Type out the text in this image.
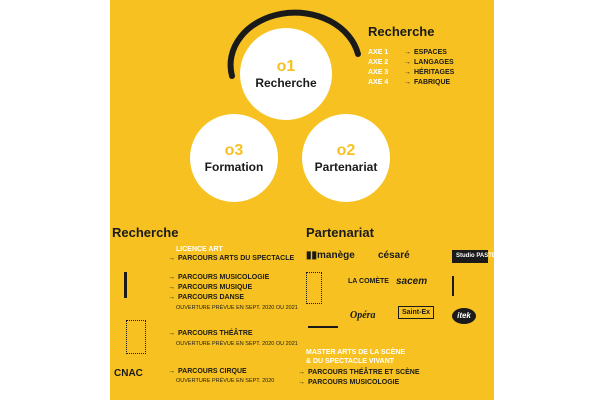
o1
Recherche
o2
Partenariat
o3
Formation
Recherche
AXE 1	→ ESPACES
AXE 2	→ LANGAGES
AXE 3	→ HÉRITAGES
AXE 4	→ FABRIQUE
Recherche
LICENCE ART
→ PARCOURS ARTS DU SPECTACLE
→ PARCOURS MUSICOLOGIE
→ PARCOURS MUSIQUE
→ PARCOURS DANSE
OUVERTURE PRÉVUE EN SEPT. 2020 OU 2021
→ PARCOURS THÉÂTRE
OUVERTURE PRÉVUE EN SEPT. 2020 OU 2021
CNAC	→ PARCOURS CIRQUE
OUVERTURE PRÉVUE EN SEPT. 2020
Partenariat
▮▮manège césaré	Studio PASTEL
LA COMÈTE sacem
Opéra	Saint-Ex	itek
MASTER ARTS DE LA SCÈNE
& DU SPECTACLE VIVANT
→ PARCOURS THÉÂTRE ET SCÈNE
→ PARCOURS MUSICOLOGIE
